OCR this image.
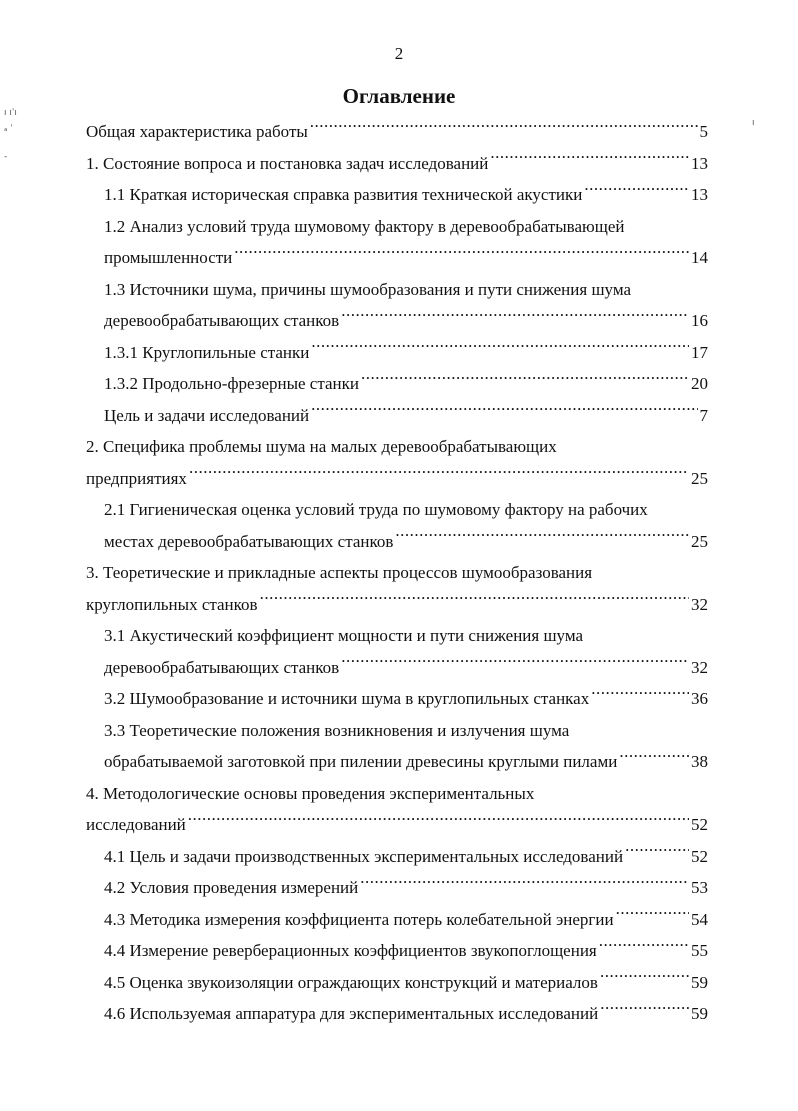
2
Оглавление
Общая характеристика работы .....	5
1. Состояние вопроса и постановка задач исследований .....	13
1.1 Краткая историческая справка развития технической акустики .....	13
1.2 Анализ условий труда шумовому фактору в деревообрабатывающей
промышленности .....	14
1.3 Источники шума, причины шумообразования и пути снижения шума
деревообрабатывающих станков .....	16
1.3.1 Круглопильные станки .....	17
1.3.2 Продольно-фрезерные станки .....	20
Цель и задачи исследований .....	7
2. Специфика проблемы шума на малых деревообрабатывающих
предприятиях .....	25
2.1 Гигиеническая оценка условий труда по шумовому фактору на рабочих
местах деревообрабатывающих станков .....	25
3. Теоретические и прикладные аспекты процессов шумообразования
круглопильных станков .....	32
3.1 Акустический коэффициент мощности и пути снижения шума
деревообрабатывающих станков .....	32
3.2 Шумообразование и источники шума в круглопильных станках .....	36
3.3 Теоретические положения возникновения и излучения шума
обрабатываемой заготовкой при пилении древесины круглыми пилами .....	38
4. Методологические основы проведения экспериментальных
исследований .....	52
4.1 Цель и задачи производственных экспериментальных исследований .....	52
4.2 Условия проведения измерений .....	53
4.3 Методика измерения коэффициента потерь колебательной энергии .....	54
4.4 Измерение реверберационных коэффициентов звукопоглощения .....	55
4.5 Оценка звукоизоляции ограждающих конструкций и материалов .....	59
4.6 Используемая аппаратура для экспериментальных исследований .....	59
ı ıˈı
ₐ ˈ
-
ı
